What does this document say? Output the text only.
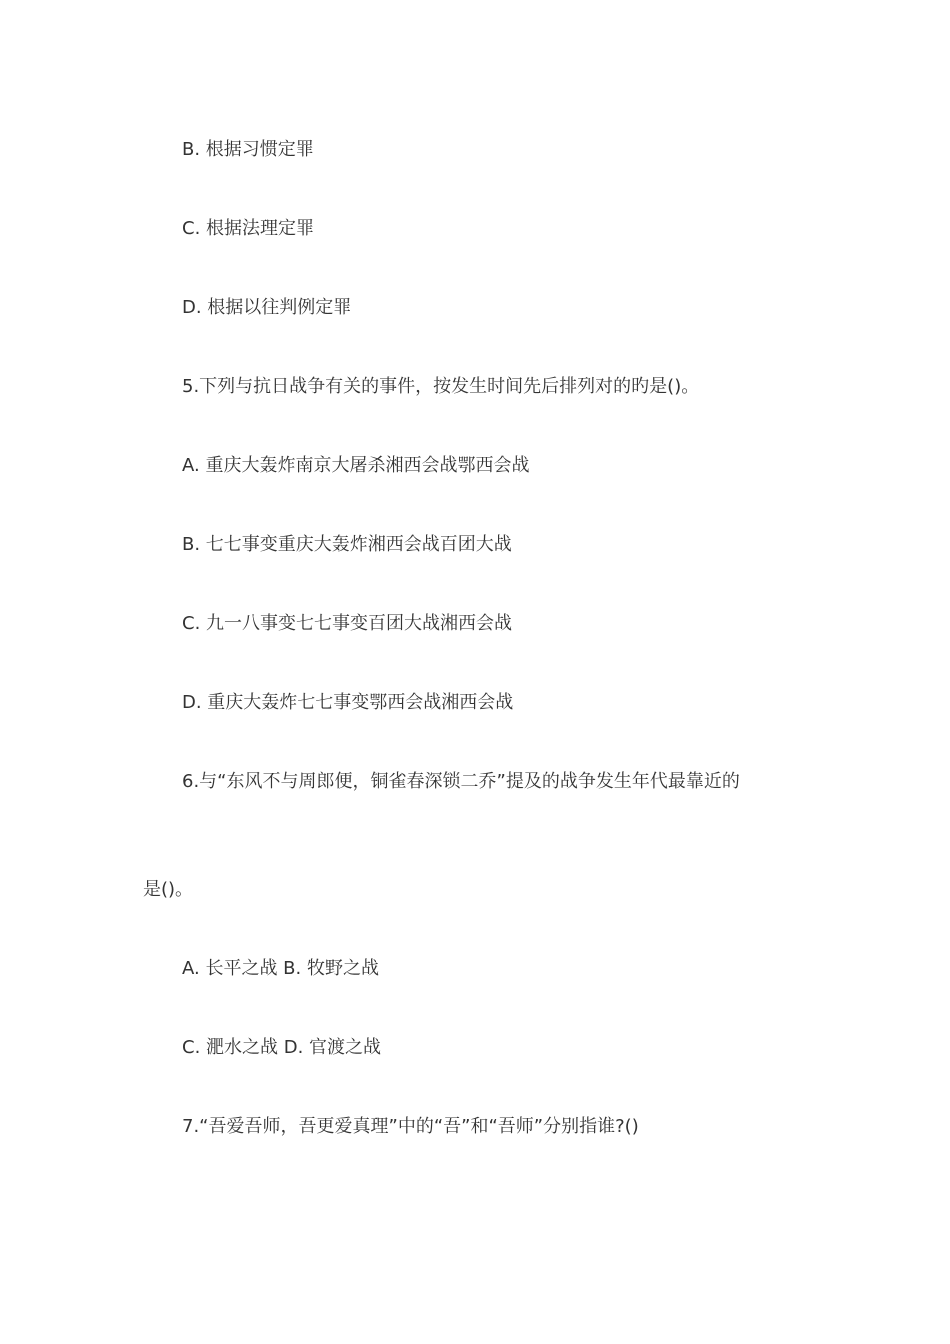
B. 根据习惯定罪
C. 根据法理定罪
D. 根据以往判例定罪
5.下列与抗日战争有关的事件，按发生时间先后排列对的旳是()。
A. 重庆大轰炸南京大屠杀湘西会战鄂西会战
B. 七七事变重庆大轰炸湘西会战百团大战
C. 九一八事变七七事变百团大战湘西会战
D. 重庆大轰炸七七事变鄂西会战湘西会战
6.与“东风不与周郎便，铜雀春深锁二乔”提及的战争发生年代最靠近的
是()。
A. 长平之战 B. 牧野之战
C. 淝水之战 D. 官渡之战
7.“吾爱吾师，吾更爱真理”中的“吾”和“吾师”分别指谁?()
